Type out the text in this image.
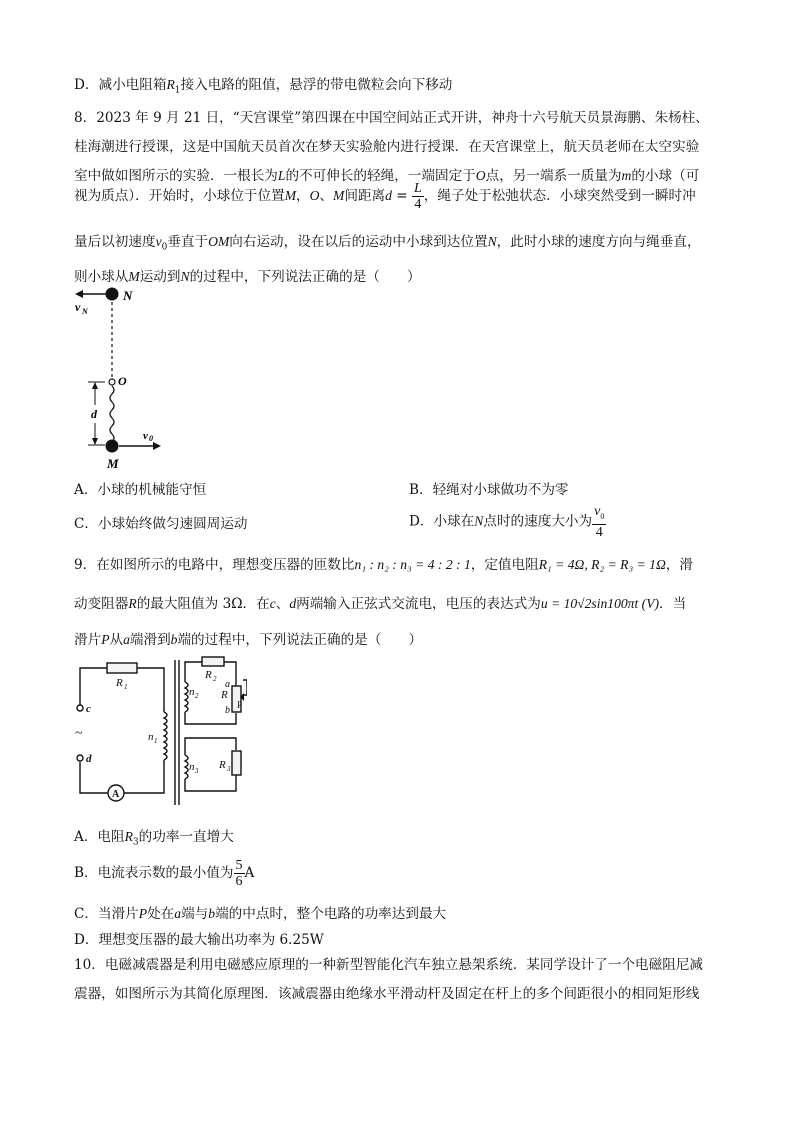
D．减小电阻箱$R_1$接入电路的阻值，悬浮的带电微粒会向下移动
8．2023 年 9 月 21 日，“天宫课堂”第四课在中国空间站正式开讲，神舟十六号航天员景海鹏、朱杨柱、
桂海潮进行授课，这是中国航天员首次在梦天实验舱内进行授课．在天宫课堂上，航天员老师在太空实验
室中做如图所示的实验．一根长为L的不可伸长的轻绳，一端固定于O点，另一端系一质量为m的小球（可
视为质点）．开始时，小球位于位置M，O、M间距离$d = \frac{L}{4}$ ，绳子处于松弛状态．小球突然受到一瞬时冲
量后以初速度$v_0$垂直于OM向右运动，设在以后的运动中小球到达位置N，此时小球的速度方向与绳垂直，
则小球从M运动到N的过程中，下列说法正确的是（　　）
v N
N
O
d
v 0
M
A．小球的机械能守恒	B．轻绳对小球做功不为零
C．小球始终做匀速圆周运动	D．小球在N点时的速度大小为 $\frac{v_0}{4}$
9．在如图所示的电路中，理想变压器的匝数比n₁ : n₂ : n₃ = 4 : 2 : 1，定值电阻R₁ = 4Ω, R₂ = R₃ = 1Ω，滑
动变阻器R的最大阻值为 3Ω．在c、d两端输入正弦式交流电，电压的表达式为u = 10√2sin100πt (V)．当
滑片P从a端滑到b端的过程中，下列说法正确的是（　　）
R 1
R 2
R
a
b P
R 3
n 1
n 2
n 3
c
d
~
A
A．电阻$R_3$的功率一直增大
B．电流表示数的最小值为 $\frac{5}{6}$ A
C．当滑片P处在a端与b端的中点时，整个电路的功率达到最大
D．理想变压器的最大输出功率为 6.25W
10．电磁减震器是利用电磁感应原理的一种新型智能化汽车独立悬架系统．某同学设计了一个电磁阻尼减
震器，如图所示为其简化原理图．该减震器由绝缘水平滑动杆及固定在杆上的多个间距很小的相同矩形线
